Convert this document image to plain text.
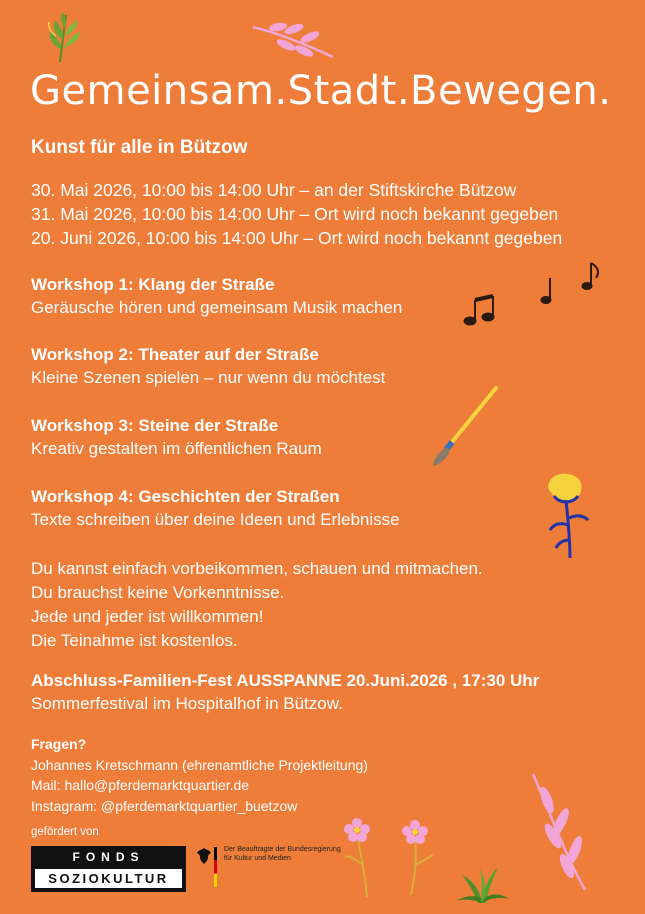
Gemeinsam.Stadt.Bewegen.
Kunst für alle in Bützow
30. Mai 2026, 10:00 bis 14:00 Uhr – an der Stiftskirche Bützow
31. Mai 2026, 10:00 bis 14:00 Uhr – Ort wird noch bekannt gegeben
20. Juni 2026, 10:00 bis 14:00 Uhr – Ort wird noch bekannt gegeben
Workshop 1: Klang der Straße
Geräusche hören und gemeinsam Musik machen
Workshop 2: Theater auf der Straße
Kleine Szenen spielen – nur wenn du möchtest
Workshop 3: Steine der Straße
Kreativ gestalten im öffentlichen Raum
Workshop 4: Geschichten der Straßen
Texte schreiben über deine Ideen und Erlebnisse
Du kannst einfach vorbeikommen, schauen und mitmachen.
Du brauchst keine Vorkenntnisse.
Jede und jeder ist willkommen!
Die Teinahme ist kostenlos.
Abschluss-Familien-Fest AUSSPANNE 20.Juni.2026 , 17:30 Uhr
Sommerfestival im Hospitalhof in Bützow.
Fragen?
Johannes Kretschmann (ehrenamtliche Projektleitung)
Mail: hallo@pferdemarktquartier.de
Instagram: @pferdemarktquartier_buetzow
gefördert von
FONDS
SOZIOKULTUR
Der Beauftragte der Bundesregierung
für Kultur und Medien
